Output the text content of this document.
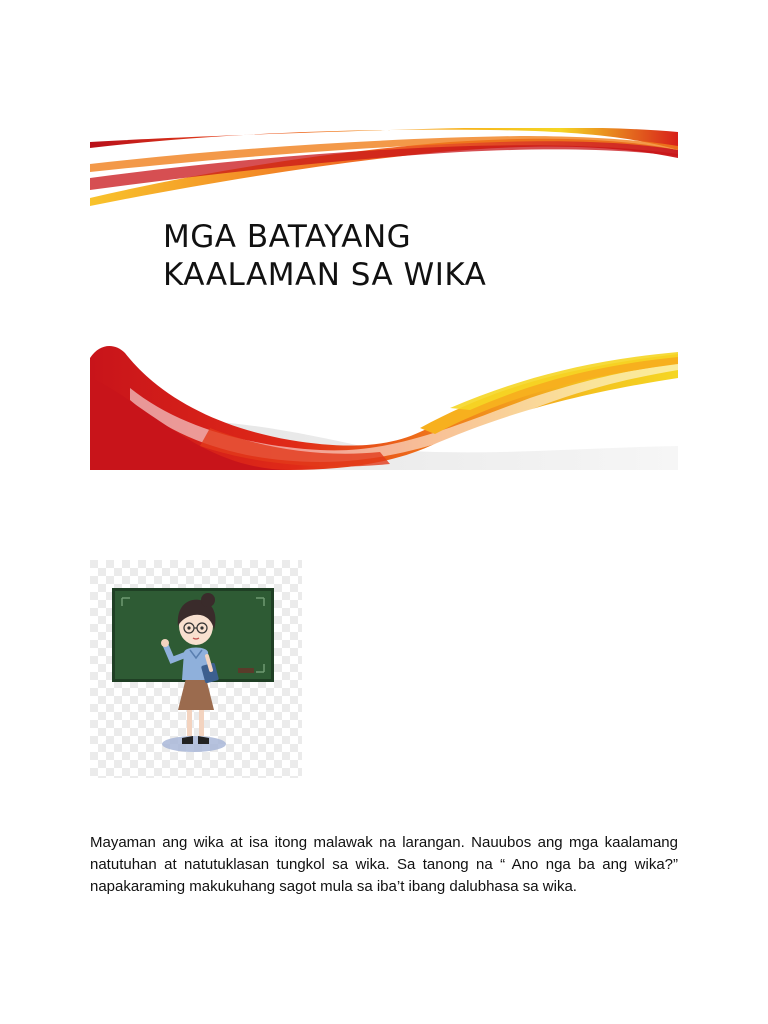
MGA BATAYANG
KAALAMAN SA WIKA

Mayaman ang wika at isa itong malawak na larangan. Nauubos ang mga kaalamang natutuhan at natutuklasan tungkol sa wika. Sa tanong na “ Ano nga ba ang wika?” napakaraming makukuhang sagot mula sa iba’t ibang dalubhasa sa wika.
